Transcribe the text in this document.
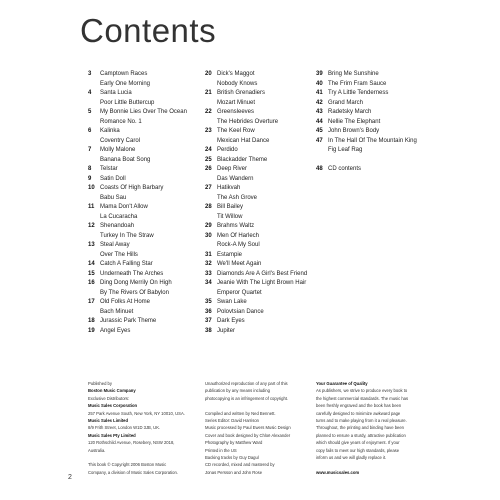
Contents
3	Camptown Races
Early One Morning
4	Santa Lucia
Poor Little Buttercup
5	My Bonnie Lies Over The Ocean
Romance No. 1
6	Kalinka
Coventry Carol
7	Molly Malone
Banana Boat Song
8	Telstar
9	Satin Doll
10 Coasts Of High Barbary
Babu Sau
11 Mama Don't Allow
La Cucaracha
12 Shenandoah
Turkey In The Straw
13 Steal Away
Over The Hills
14 Catch A Falling Star
15 Underneath The Arches
16 Ding Dong Merrily On High
By The Rivers Of Babylon
17 Old Folks At Home
Bach Minuet
18 Jurassic Park Theme
19 Angel Eyes
20 Dick's Maggot
Nobody Knows
21 British Grenadiers
Mozart Minuet
22 Greensleeves
The Hebrides Overture
23 The Keel Row
Mexican Hat Dance
24 Perdido
25 Blackadder Theme
26 Deep River
Das Wandern
27 Hatikvah
The Ash Grove
28 Bill Bailey
Tit Willow
29 Brahms Waltz
30 Men Of Harlech
Rock-A My Soul
31 Estampie
32 We'll Meet Again
33 Diamonds Are A Girl's Best Friend
34 Jeanie With The Light Brown Hair
Emperor Quartet
35 Swan Lake
36 Polovtsian Dance
37 Dark Eyes
38 Jupiter
39 Bring Me Sunshine
40 The Frim Fram Sauce
41 Try A Little Tenderness
42 Grand March
43 Radetsky March
44 Nellie The Elephant
45 John Brown's Body
47 In The Hall Of The Mountain King
Fig Leaf Rag
48 CD contents
Published by
Boston Music Company
Exclusive Distributors:
Music Sales Corporation
257 Park Avenue South, New York, NY 10010, USA.
Music Sales Limited
8/9 Frith Street, London W1D 3JB, UK.
Music Sales Pty Limited
120 Rothschild Avenue, Rosebery, NSW 2018,
Australia.
This book © Copyright 2006 Boston Music
Company, a division of Music Sales Corporation.
Unauthorized reproduction of any part of this
publication by any means including
photocopying is an infringement of copyright.
Compiled and written by Ned Bennett.
Series Editor: David Harrison
Music processed by Paul Ewers Music Design
Cover and book designed by Chloë Alexander
Photography by Matthew Ward
Printed in the US
Backing tracks by Guy Dagul
CD recorded, mixed and mastered by
Jonas Persson and John Rose
Your Guarantee of Quality
As publishers, we strive to produce every book to
the highest commercial standards. The music has
been freshly engraved and the book has been
carefully designed to minimize awkward page
turns and to make playing from it a real pleasure.
Throughout, the printing and binding have been
planned to ensure a sturdy, attractive publication
which should give years of enjoyment. If your
copy fails to meet our high standards, please
inform us and we will gladly replace it.
www.musicsales.com
2
